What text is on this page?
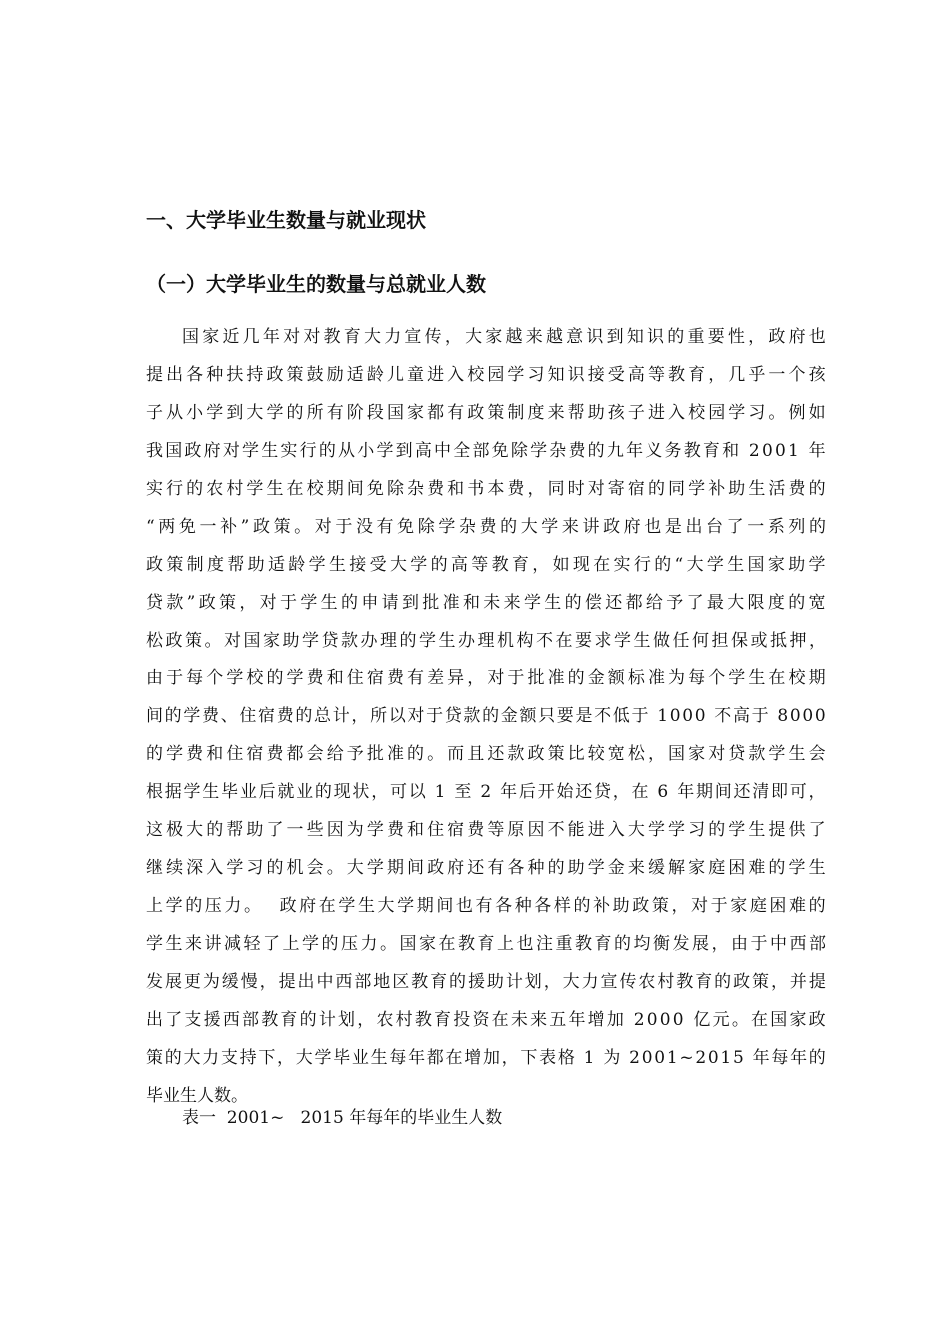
一、大学毕业生数量与就业现状
（一）大学毕业生的数量与总就业人数
国 家 近 几 年 对 对 教 育 大 力 宣 传 ， 大 家 越 来 越 意 识 到 知 识 的 重 要 性 ， 政 府 也
提 出 各 种 扶 持 政 策 鼓 励 适 龄 儿 童 进 入 校 园 学 习 知 识 接 受 高 等 教 育 ， 几 乎 一 个 孩
子 从 小 学 到 大 学 的 所 有 阶 段 国 家 都 有 政 策 制 度 来 帮 助 孩 子 进 入 校 园 学 习 。 例 如
我 国 政 府 对 学 生 实 行 的 从 小 学 到 高 中 全 部 免 除 学 杂 费 的 九 年 义 务 教 育 和
2 0 0 1
年
实 行 的 农 村 学 生 在 校 期 间 免 除 杂 费 和 书 本 费 ， 同 时 对 寄 宿 的 同 学 补 助 生 活 费 的
“ 两 免 一 补 ” 政 策 。 对 于 没 有 免 除 学 杂 费 的 大 学 来 讲 政 府 也 是 出 台 了 一 系 列 的
政 策 制 度 帮 助 适 龄 学 生 接 受 大 学 的 高 等 教 育 ， 如 现 在 实 行 的 “ 大 学 生 国 家 助 学
贷 款 ” 政 策 ， 对 于 学 生 的 申 请 到 批 准 和 未 来 学 生 的 偿 还 都 给 予 了 最 大 限 度 的 宽
松 政 策 。 对 国 家 助 学 贷 款 办 理 的 学 生 办 理 机 构 不 在 要 求 学 生 做 任 何 担 保 或 抵 押 ，
由 于 每 个 学 校 的 学 费 和 住 宿 费 有 差 异 ， 对 于 批 准 的 金 额 标 准 为 每 个 学 生 在 校 期
间 的 学 费 、 住 宿 费 的 总 计 ， 所 以 对 于 贷 款 的 金 额 只 要 是 不 低 于
1 0 0 0
不 高 于
8 0 0 0
的 学 费 和 住 宿 费 都 会 给 予 批 准 的 。 而 且 还 款 政 策 比 较 宽 松 ， 国 家 对 贷 款 学 生 会
根 据 学 生 毕 业 后 就 业 的 现 状 ， 可 以
1
至
2
年 后 开 始 还 贷 ， 在
6
年 期 间 还 清 即 可 ，
这 极 大 的 帮 助 了 一 些 因 为 学 费 和 住 宿 费 等 原 因 不 能 进 入 大 学 学 习 的 学 生 提 供 了
继 续 深 入 学 习 的 机 会 。 大 学 期 间 政 府 还 有 各 种 的 助 学 金 来 缓 解 家 庭 困 难 的 学 生
上 学 的 压 力 。

政 府 在 学 生 大 学 期 间 也 有 各 种 各 样 的 补 助 政 策 ， 对 于 家 庭 困 难 的
学 生 来 讲 减 轻 了 上 学 的 压 力 。 国 家 在 教 育 上 也 注 重 教 育 的 均 衡 发 展 ， 由 于 中 西 部
发 展 更 为 缓 慢 ， 提 出 中 西 部 地 区 教 育 的 援 助 计 划 ， 大 力 宣 传 农 村 教 育 的 政 策 ， 并 提
出 了 支 援 西 部 教 育 的 计 划 ， 农 村 教 育 投 资 在 未 来 五 年 增 加
2 0 0 0
亿 元 。 在 国 家 政
策 的 大 力 支 持 下 ， 大 学 毕 业 生 每 年 都 在 增 加 ， 下 表 格
1
为
2 0 0 1 ~ 2 0 1 5
年 每 年 的
毕业生人数。
表一  2001~   2015 年每年的毕业生人数
